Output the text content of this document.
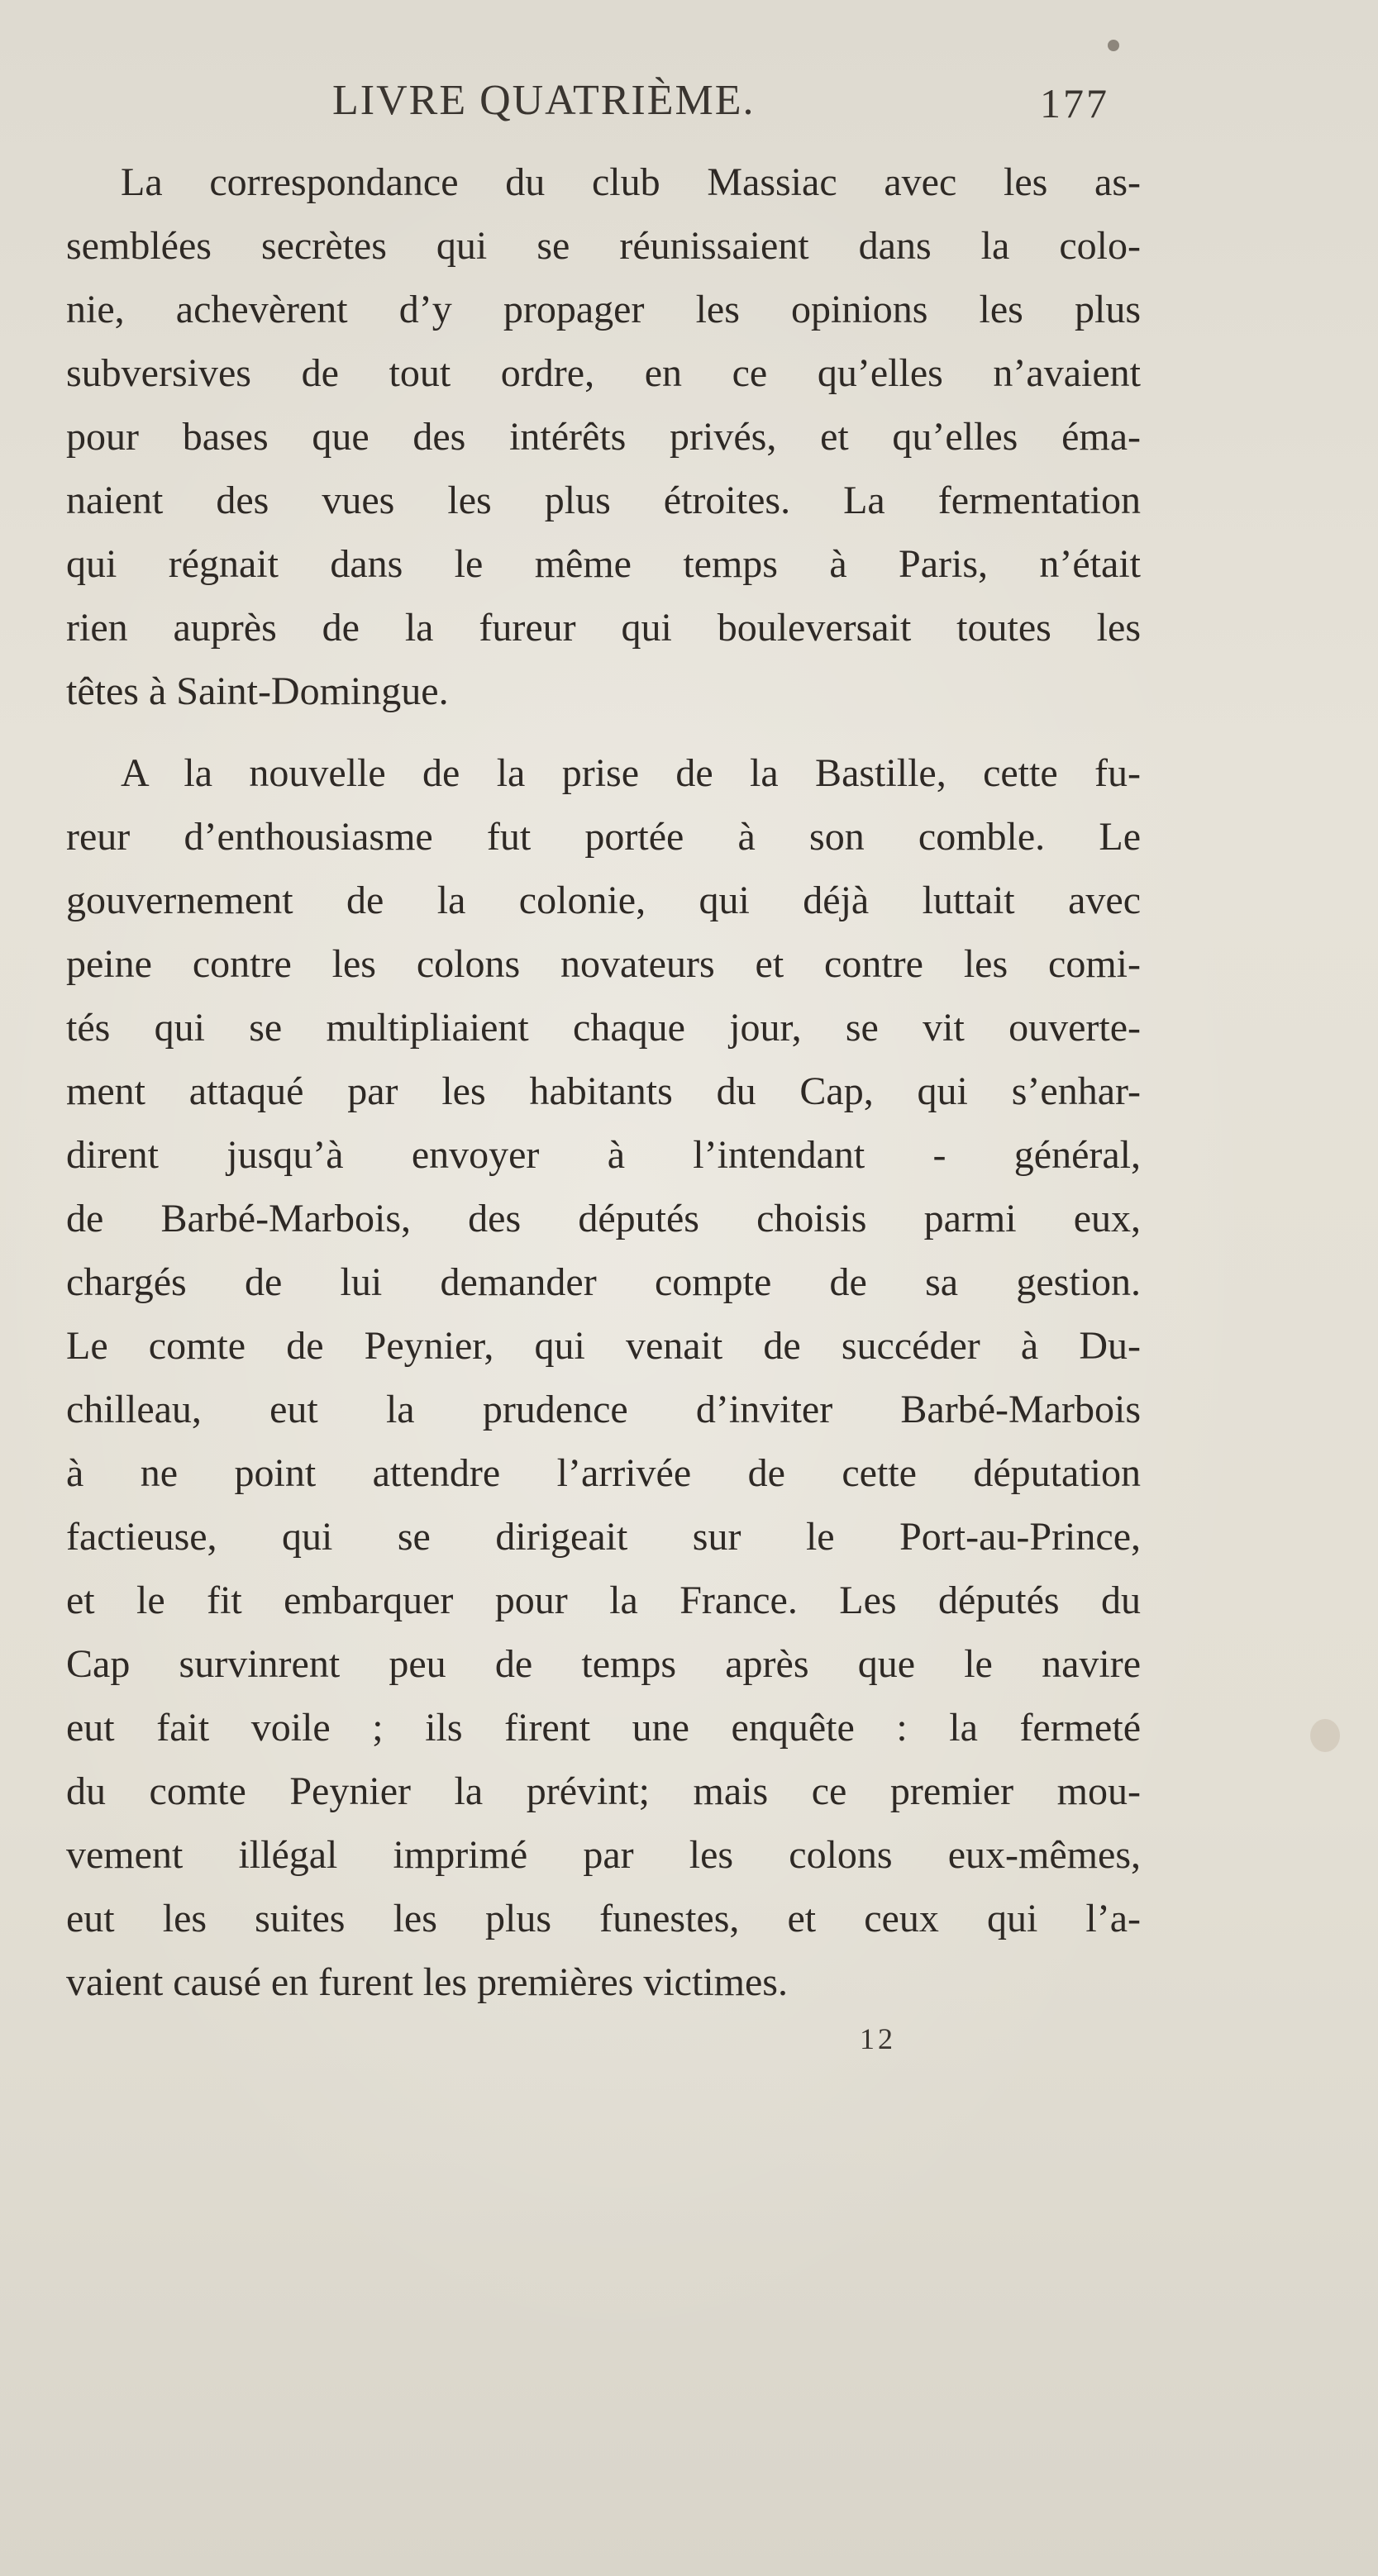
LIVRE QUATRIÈME.	177
La correspondance du club Massiac avec les as-
semblées secrètes qui se réunissaient dans la colo-
nie, achevèrent d’y propager les opinions les plus
subversives de tout ordre, en ce qu’elles n’avaient
pour bases que des intérêts privés, et qu’elles éma-
naient des vues les plus étroites. La fermentation
qui régnait dans le même temps à Paris, n’était
rien auprès de la fureur qui bouleversait toutes les
têtes à Saint-Domingue.
A la nouvelle de la prise de la Bastille, cette fu-
reur d’enthousiasme fut portée à son comble. Le
gouvernement de la colonie, qui déjà luttait avec
peine contre les colons novateurs et contre les comi-
tés qui se multipliaient chaque jour, se vit ouverte-
ment attaqué par les habitants du Cap, qui s’enhar-
dirent jusqu’à envoyer à l’intendant - général,
de Barbé-Marbois, des députés choisis parmi eux,
chargés de lui demander compte de sa gestion.
Le comte de Peynier, qui venait de succéder à Du-
chilleau, eut la prudence d’inviter Barbé-Marbois
à ne point attendre l’arrivée de cette députation
factieuse, qui se dirigeait sur le Port-au-Prince,
et le fit embarquer pour la France. Les députés du
Cap survinrent peu de temps après que le navire
eut fait voile ; ils firent une enquête : la fermeté
du comte Peynier la prévint; mais ce premier mou-
vement illégal imprimé par les colons eux-mêmes,
eut les suites les plus funestes, et ceux qui l’a-
vaient causé en furent les premières victimes.
12
